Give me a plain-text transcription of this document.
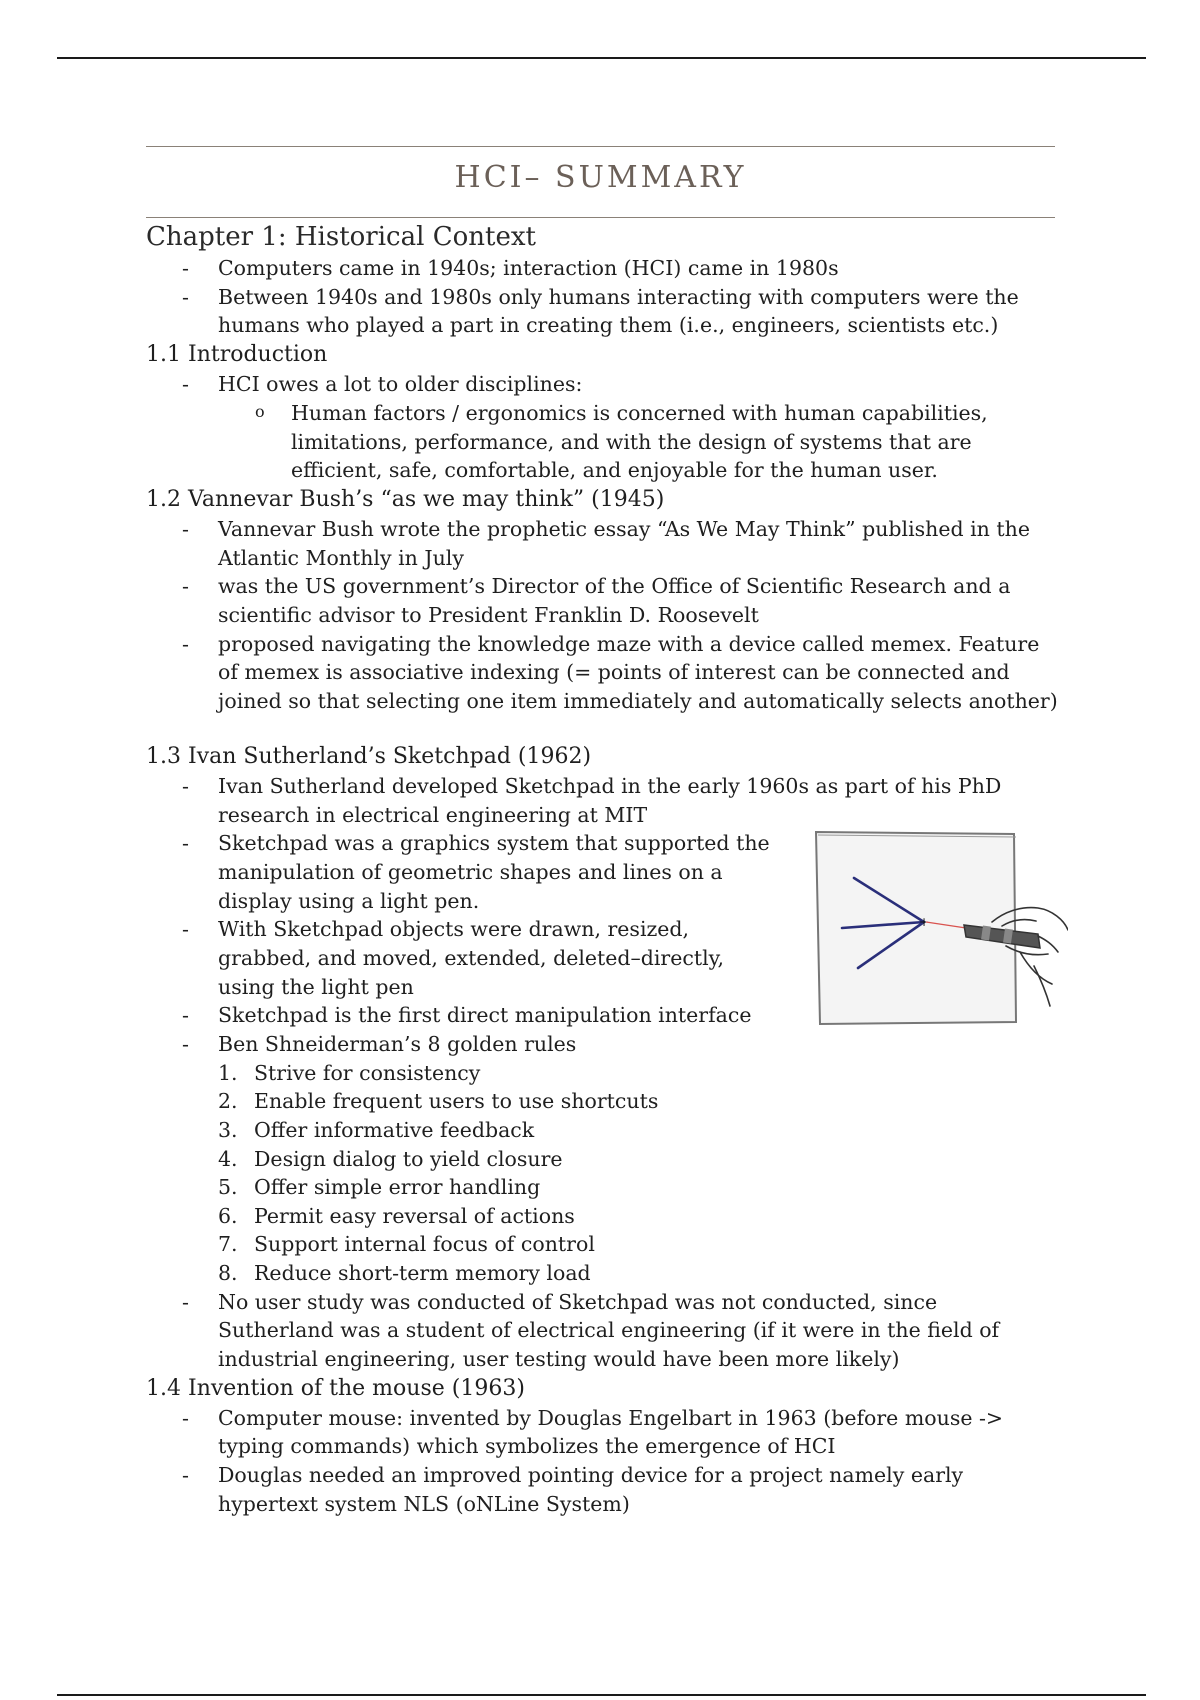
HCI– SUMMARY
Chapter 1: Historical Context
- Computers came in 1940s; interaction (HCI) came in 1980s
- Between 1940s and 1980s only humans interacting with computers were the humans who played a part in creating them (i.e., engineers, scientists etc.)
1.1 Introduction
- HCI owes a lot to older disciplines:
o Human factors / ergonomics is concerned with human capabilities, limitations, performance, and with the design of systems that are efficient, safe, comfortable, and enjoyable for the human user.
1.2 Vannevar Bush’s “as we may think” (1945)
- Vannevar Bush wrote the prophetic essay “As We May Think” published in the Atlantic Monthly in July
- was the US government’s Director of the Office of Scientific Research and a scientific advisor to President Franklin D. Roosevelt
- proposed navigating the knowledge maze with a device called memex. Feature of memex is associative indexing (= points of interest can be connected and joined so that selecting one item immediately and automatically selects another)
1.3 Ivan Sutherland’s Sketchpad (1962)
- Ivan Sutherland developed Sketchpad in the early 1960s as part of his PhD research in electrical engineering at MIT
- Sketchpad was a graphics system that supported the manipulation of geometric shapes and lines on a display using a light pen.
- With Sketchpad objects were drawn, resized, grabbed, and moved, extended, deleted–directly, using the light pen
- Sketchpad is the first direct manipulation interface
- Ben Shneiderman’s 8 golden rules
1. Strive for consistency
2. Enable frequent users to use shortcuts
3. Offer informative feedback
4. Design dialog to yield closure
5. Offer simple error handling
6. Permit easy reversal of actions
7. Support internal focus of control
8. Reduce short-term memory load
- No user study was conducted of Sketchpad was not conducted, since Sutherland was a student of electrical engineering (if it were in the field of industrial engineering, user testing would have been more likely)
1.4 Invention of the mouse (1963)
- Computer mouse: invented by Douglas Engelbart in 1963 (before mouse -> typing commands) which symbolizes the emergence of HCI
- Douglas needed an improved pointing device for a project namely early hypertext system NLS (oNLine System)
+
